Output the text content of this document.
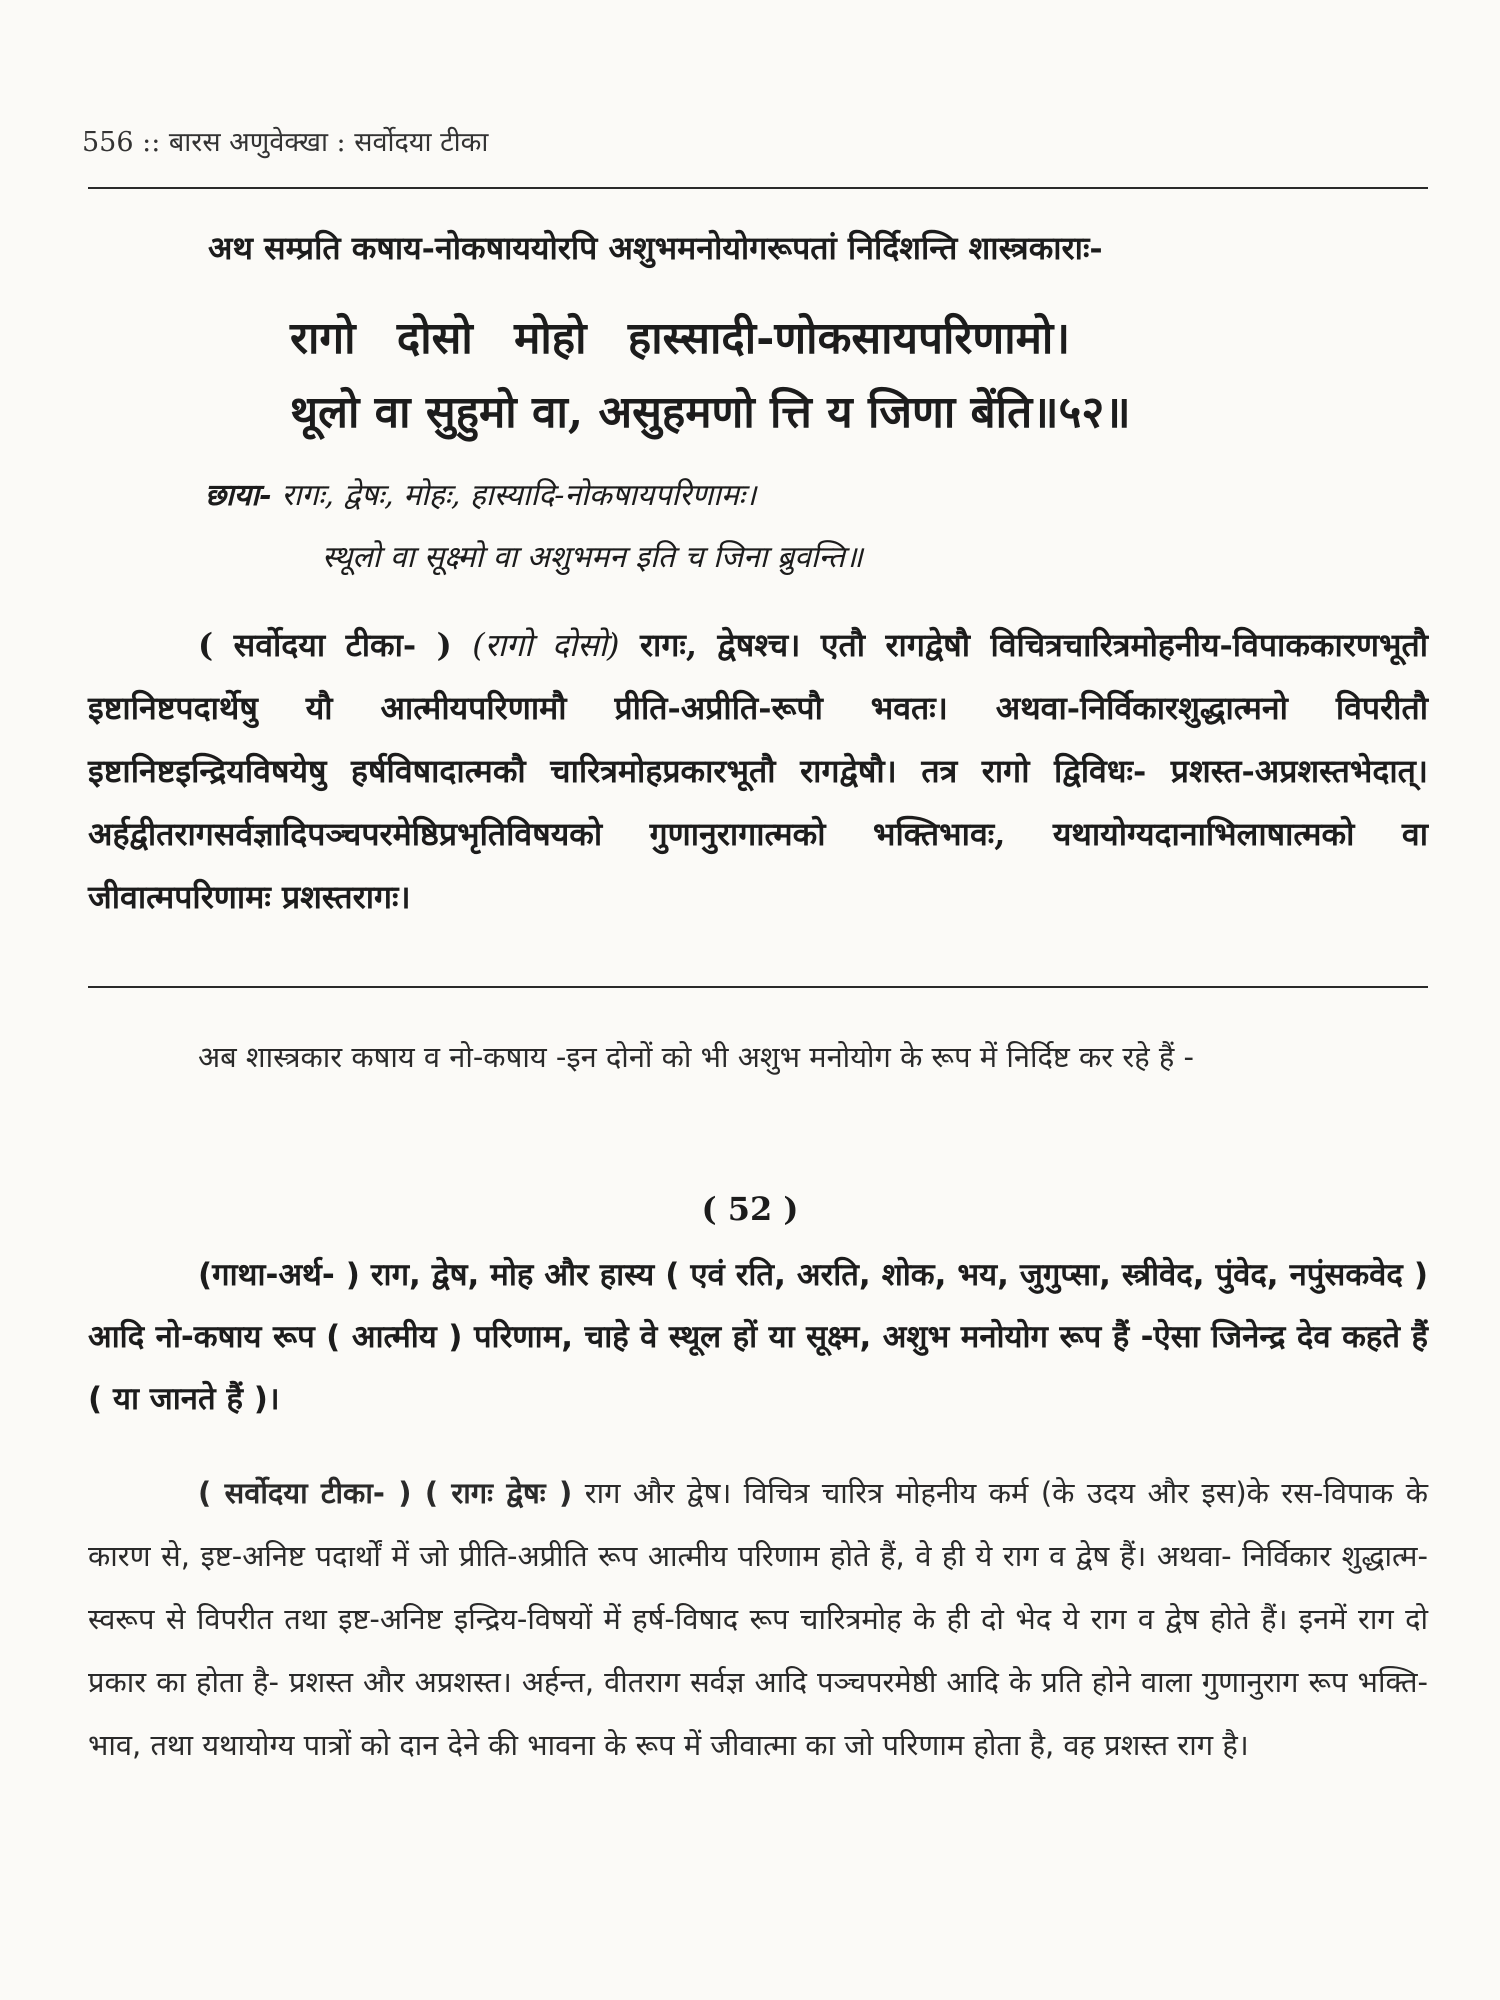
556 :: बारस अणुवेक्खा : सर्वोदया टीका
अथ सम्प्रति कषाय-नोकषाययोरपि अशुभमनोयोगरूपतां निर्दिशन्ति शास्त्रकाराः-
रागो दोसो मोहो हास्सादी-णोकसायपरिणामो।
थूलो वा सुहुमो वा, असुहमणो त्ति य जिणा बेंति॥५२॥
छाया- रागः, द्वेषः, मोहः, हास्यादि-नोकषायपरिणामः।
स्थूलो वा सूक्ष्मो वा अशुभमन इति च जिना ब्रुवन्ति॥
( सर्वोदया टीका- ) (रागो दोसो) रागः, द्वेषश्च। एतौ रागद्वेषौ विचित्रचारित्रमोहनीय-विपाककारणभूतौ इष्टानिष्टपदार्थेषु यौ आत्मीयपरिणामौ प्रीति-अप्रीति-रूपौ भवतः। अथवा-निर्विकारशुद्धात्मनो विपरीतौ इष्टानिष्टइन्द्रियविषयेषु हर्षविषादात्मकौ चारित्रमोहप्रकारभूतौ रागद्वेषौ। तत्र रागो द्विविधः- प्रशस्त-अप्रशस्तभेदात्। अर्हद्वीतरागसर्वज्ञादिपञ्चपरमेष्ठिप्रभृतिविषयको गुणानुरागात्मको भक्तिभावः, यथायोग्यदानाभिलाषात्मको वा जीवात्मपरिणामः प्रशस्तरागः।
अब शास्त्रकार कषाय व नो-कषाय -इन दोनों को भी अशुभ मनोयोग के रूप में निर्दिष्ट कर रहे हैं -
( 52 )
(गाथा-अर्थ- ) राग, द्वेष, मोह और हास्य ( एवं रति, अरति, शोक, भय, जुगुप्सा, स्त्रीवेद, पुंवेद, नपुंसकवेद ) आदि नो-कषाय रूप ( आत्मीय ) परिणाम, चाहे वे स्थूल हों या सूक्ष्म, अशुभ मनोयोग रूप हैं -ऐसा जिनेन्द्र देव कहते हैं ( या जानते हैं )।
( सर्वोदया टीका- ) ( रागः द्वेषः ) राग और द्वेष। विचित्र चारित्र मोहनीय कर्म (के उदय और इस)के रस-विपाक के कारण से, इष्ट-अनिष्ट पदार्थों में जो प्रीति-अप्रीति रूप आत्मीय परिणाम होते हैं, वे ही ये राग व द्वेष हैं। अथवा- निर्विकार शुद्धात्म-स्वरूप से विपरीत तथा इष्ट-अनिष्ट इन्द्रिय-विषयों में हर्ष-विषाद रूप चारित्रमोह के ही दो भेद ये राग व द्वेष होते हैं। इनमें राग दो प्रकार का होता है- प्रशस्त और अप्रशस्त। अर्हन्त, वीतराग सर्वज्ञ आदि पञ्चपरमेष्ठी आदि के प्रति होने वाला गुणानुराग रूप भक्ति-भाव, तथा यथायोग्य पात्रों को दान देने की भावना के रूप में जीवात्मा का जो परिणाम होता है, वह प्रशस्त राग है।
